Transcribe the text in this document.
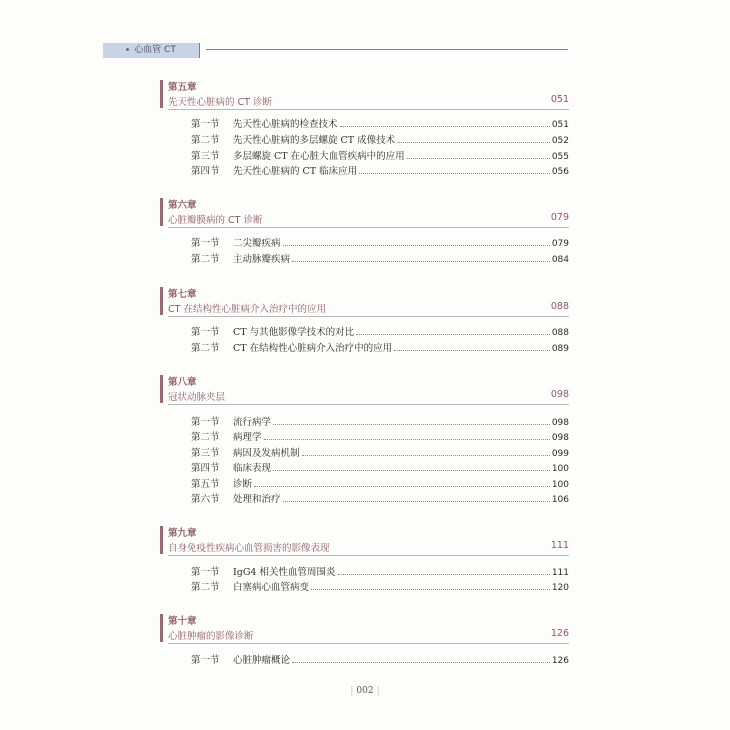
心血管 CT
第五章
先天性心脏病的 CT 诊断	051
第一节	先天性心脏病的检查技术	051
第二节	先天性心脏病的多层螺旋 CT 成像技术	052
第三节	多层螺旋 CT 在心脏大血管疾病中的应用	055
第四节	先天性心脏病的 CT 临床应用	056
第六章
心脏瓣膜病的 CT 诊断	079
第一节	二尖瓣疾病	079
第二节	主动脉瓣疾病	084
第七章
CT 在结构性心脏病介入治疗中的应用	088
第一节	CT 与其他影像学技术的对比	088
第二节	CT 在结构性心脏病介入治疗中的应用	089
第八章
冠状动脉夹层	098
第一节	流行病学	098
第二节	病理学	098
第三节	病因及发病机制	099
第四节	临床表现	100
第五节	诊断	100
第六节	处理和治疗	106
第九章
自身免疫性疾病心血管损害的影像表现	111
第一节	IgG4 相关性血管周围炎	111
第二节	白塞病心血管病变	120
第十章
心脏肿瘤的影像诊断	126
第一节	心脏肿瘤概论	126
| 002 |
